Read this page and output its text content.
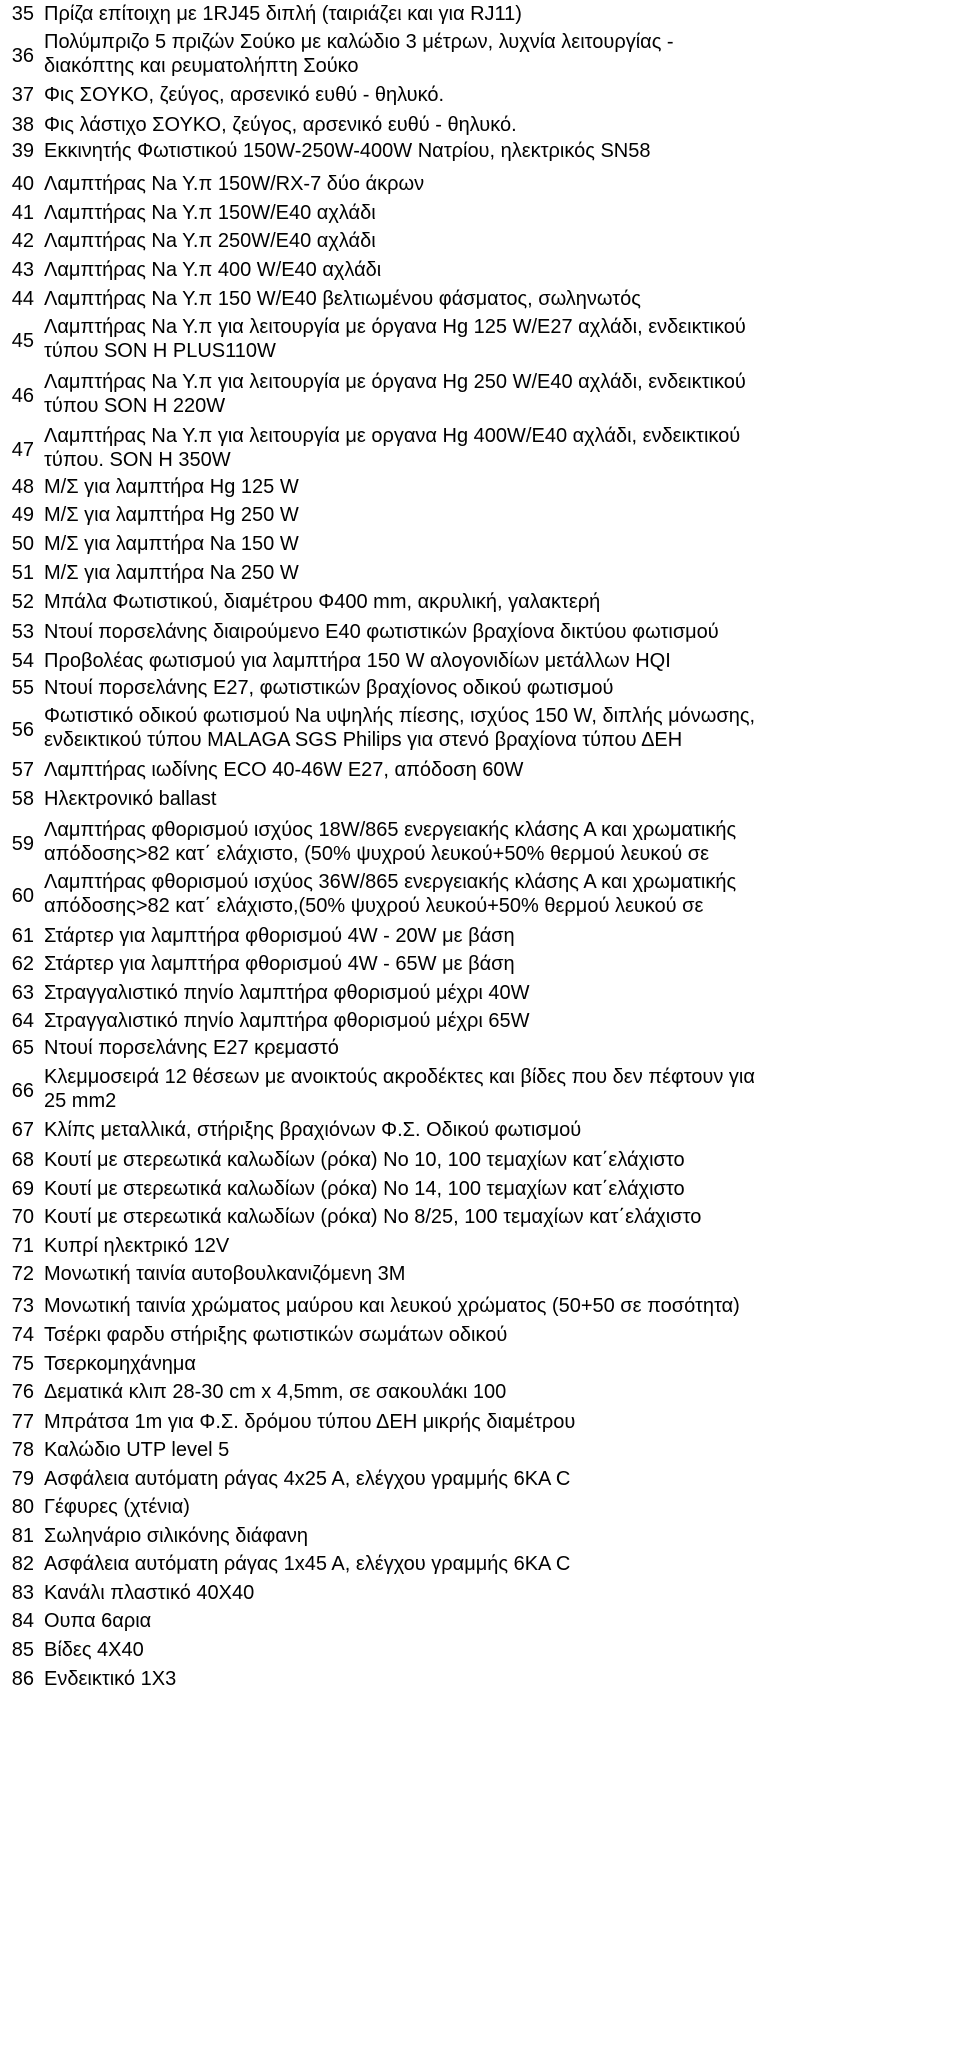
35 Πρίζα επίτοιχη με 1RJ45 διπλή (ταιριάζει και για RJ11)
36
Πολύμπριζο 5 πριζών Σούκο με καλώδιο 3 μέτρων, λυχνία λειτουργίας -
διακόπτης και ρευματολήπτη Σούκο
37 Φις ΣΟΥΚΟ, ζεύγος, αρσενικό ευθύ - θηλυκό.
38 Φις λάστιχο ΣΟΥΚΟ, ζεύγος, αρσενικό ευθύ - θηλυκό.
39 Εκκινητής Φωτιστικού 150W-250W-400W Νατρίου, ηλεκτρικός SN58
40 Λαμπτήρας Na Y.π 150W/RX-7 δύο άκρων
41 Λαμπτήρας Na Y.π 150W/E40 αχλάδι
42 Λαμπτήρας Na Y.π 250W/E40 αχλάδι
43 Λαμπτήρας Na Y.π 400 W/E40 αχλάδι
44 Λαμπτήρας Na Y.π 150 W/E40 βελτιωμένου φάσματος, σωληνωτός
45
Λαμπτήρας Na Y.π για λειτουργία με όργανα Hg 125 W/E27 αχλάδι, ενδεικτικού
τύπου SON H PLUS110W
46
Λαμπτήρας Na Y.π για λειτουργία με όργανα Hg 250 W/E40 αχλάδι, ενδεικτικού
τύπου SON H 220W
47
Λαμπτήρας Na Y.π για λειτουργία με οργανα Hg 400W/E40 αχλάδι, ενδεικτικού
τύπου. SON H 350W
48 Μ/Σ για λαμπτήρα Hg 125 W
49 Μ/Σ για λαμπτήρα Hg 250 W
50 Μ/Σ για λαμπτήρα Na 150 W
51 Μ/Σ για λαμπτήρα Na 250 W
52 Μπάλα Φωτιστικού, διαμέτρου Φ400 mm, ακρυλική, γαλακτερή
53 Ντουί πορσελάνης διαιρούμενο Ε40 φωτιστικών βραχίονα δικτύου φωτισμού
54 Προβολέας φωτισμού για λαμπτήρα 150 W αλογονιδίων μετάλλων HQI
55 Ντουί πορσελάνης Ε27, φωτιστικών βραχίονος οδικού φωτισμού
56
Φωτιστικό οδικού φωτισμού Na υψηλής πίεσης, ισχύος 150 W, διπλής μόνωσης,
ενδεικτικού τύπου MALAGA SGS Philips για στενό βραχίονα τύπου ΔΕΗ
57 Λαμπτήρας ιωδίνης ECO 40-46W E27, απόδοση 60W
58 Ηλεκτρονικό ballast
59
Λαμπτήρας φθορισμού ισχύος 18W/865 ενεργειακής κλάσης Α και χρωματικής
απόδοσης>82 κατ΄ ελάχιστο, (50% ψυχρού λευκού+50% θερμού λευκού σε
60
Λαμπτήρας φθορισμού ισχύος 36W/865 ενεργειακής κλάσης Α και χρωματικής
απόδοσης>82 κατ΄ ελάχιστο,(50% ψυχρού λευκού+50% θερμού λευκού σε
61 Στάρτερ για λαμπτήρα φθορισμού 4W - 20W με βάση
62 Στάρτερ για λαμπτήρα φθορισμού 4W - 65W με βάση
63 Στραγγαλιστικό πηνίο λαμπτήρα φθορισμού μέχρι 40W
64 Στραγγαλιστικό πηνίο λαμπτήρα φθορισμού μέχρι 65W
65 Ντουί πορσελάνης Ε27 κρεμαστό
66
Κλεμμοσειρά 12 θέσεων με ανοικτούς ακροδέκτες και βίδες που δεν πέφτουν για
25 mm2
67 Κλίπς μεταλλικά, στήριξης βραχιόνων Φ.Σ. Οδικού φωτισμού
68 Κουτί με στερεωτικά καλωδίων (ρόκα) Νο 10, 100 τεμαχίων κατ΄ελάχιστο
69 Κουτί με στερεωτικά καλωδίων (ρόκα) Νο 14, 100 τεμαχίων κατ΄ελάχιστο
70 Κουτί με στερεωτικά καλωδίων (ρόκα) Νο 8/25, 100 τεμαχίων κατ΄ελάχιστο
71 Κυπρί ηλεκτρικό 12V
72 Μονωτική ταινία αυτοβουλκανιζόμενη 3Μ
73 Μονωτική ταινία χρώματος μαύρου και λευκού χρώματος (50+50 σε ποσότητα)
74 Τσέρκι φαρδυ στήριξης φωτιστικών σωμάτων οδικού
75 Τσερκομηχάνημα
76 Δεματικά κλιπ 28-30 cm x 4,5mm, σε σακουλάκι 100
77 Μπράτσα 1m για Φ.Σ. δρόμου τύπου ΔΕΗ μικρής διαμέτρου
78 Καλώδιο UTP level 5
79 Ασφάλεια αυτόματη ράγας 4x25 A, ελέγχου γραμμής 6KA C
80 Γέφυρες (χτένια)
81 Σωληνάριο σιλικόνης διάφανη
82 Ασφάλεια αυτόματη ράγας 1x45 A, ελέγχου γραμμής 6KA C
83 Κανάλι πλαστικό 40Χ40
84 Ουπα 6αρια
85 Βίδες 4Χ40
86 Ενδεικτικό 1Χ3
